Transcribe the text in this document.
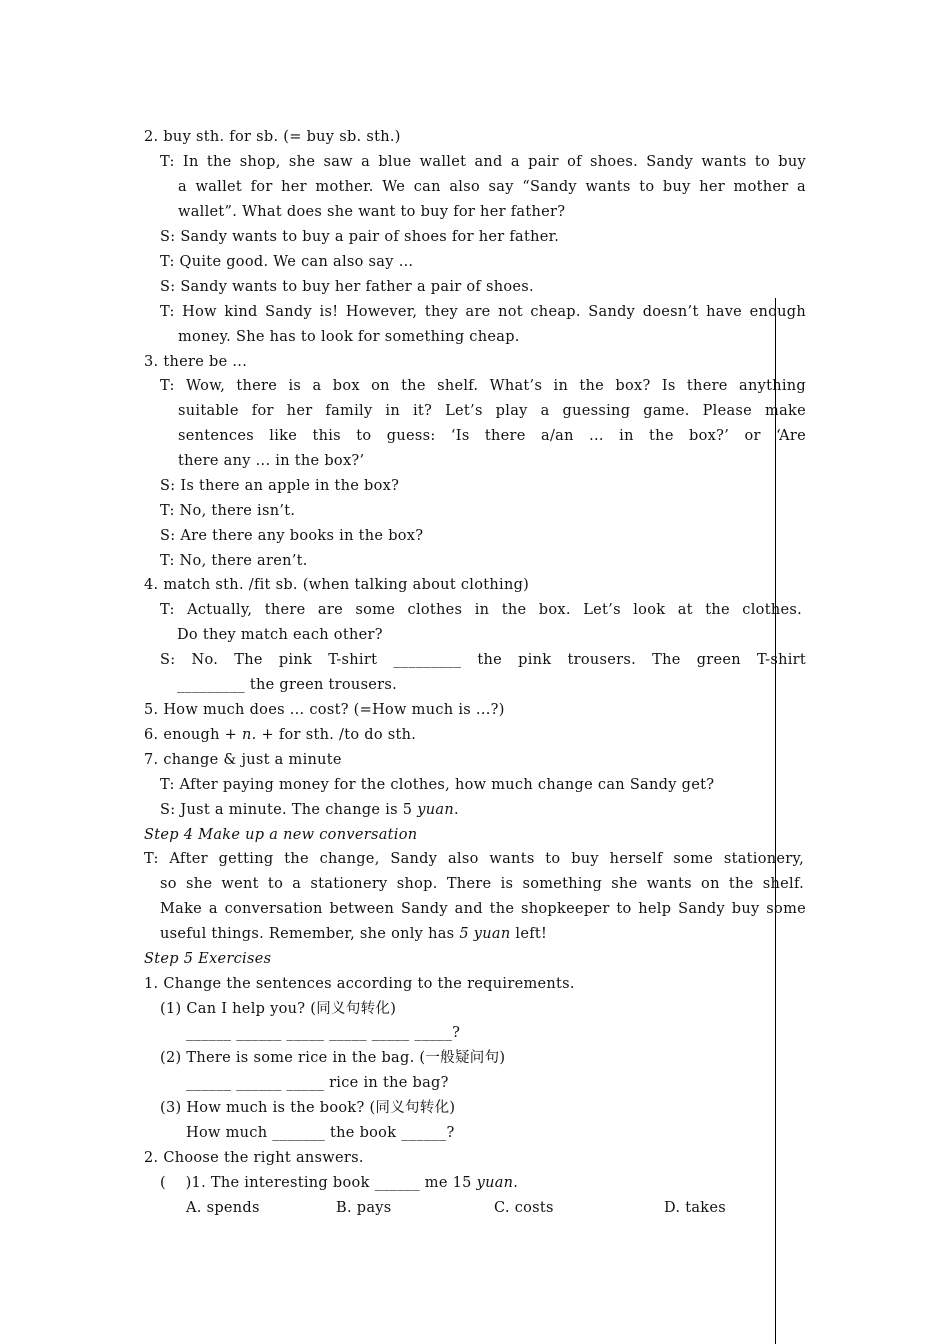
2. buy sth. for sb. (= buy sb. sth.)
T: In the shop, she saw a blue wallet and a pair of shoes. Sandy wants to buy
a wallet for her mother. We can also say “Sandy wants to buy her mother a
wallet”. What does she want to buy for her father?
S: Sandy wants to buy a pair of shoes for her father.
T: Quite good. We can also say …
S: Sandy wants to buy her father a pair of shoes.
T: How kind Sandy is! However, they are not cheap. Sandy doesn’t have enough
money. She has to look for something cheap.
3. there be ...
T: Wow, there is a box on the shelf. What’s in the box? Is there anything
suitable for her family in it? Let’s play a guessing game. Please make
sentences like this to guess: ‘Is there a/an ... in the box?’ or ‘Are
there any ... in the box?’
S: Is there an apple in the box?
T: No, there isn’t.
S: Are there any books in the box?
T: No, there aren’t.
4. match sth. /fit sb. (when talking about clothing)
T: Actually, there are some clothes in the box. Let’s look at the clothes.
Do they match each other?
S: No. The pink T-shirt _________ the pink trousers. The green T-shirt
_________ the green trousers.
5. How much does ... cost? (=How much is ...?)
6. enough + n. + for sth. /to do sth.
7. change & just a minute
T: After paying money for the clothes, how much change can Sandy get?
S: Just a minute. The change is 5 yuan.
Step 4 Make up a new conversation
T: After getting the change, Sandy also wants to buy herself some stationery,
so she went to a stationery shop. There is something she wants on the shelf.
Make a conversation between Sandy and the shopkeeper to help Sandy buy some
useful things. Remember, she only has 5 yuan left!
Step 5 Exercises
1. Change the sentences according to the requirements.
(1) Can I help you? (同义句转化)
______ ______ _____ _____ _____ _____?
(2) There is some rice in the bag. (一般疑问句)
______ ______ _____ rice in the bag?
(3) How much is the book? (同义句转化)
How much _______ the book ______?
2. Choose the right answers.
(    )1. The interesting book ______ me 15 yuan.
A. spends	B. pays	C. costs	D. takes
